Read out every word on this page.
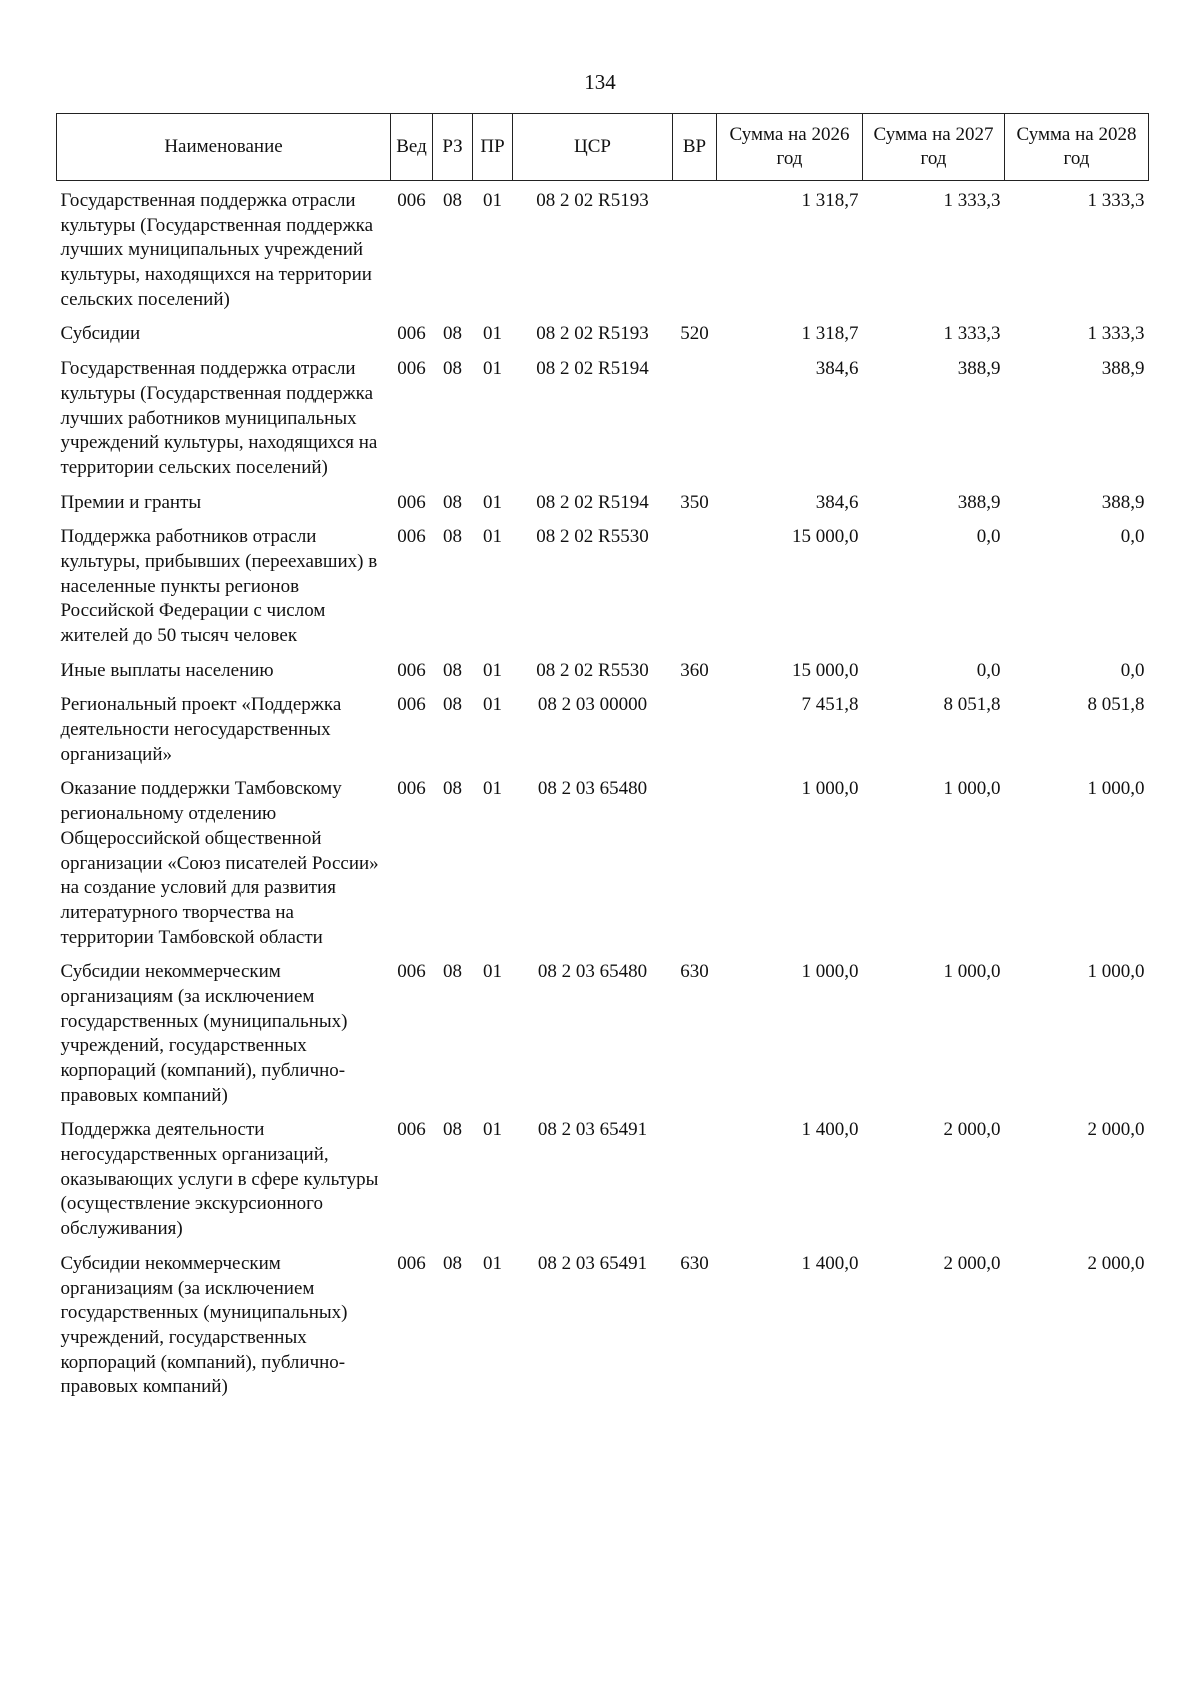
134
Наименование	Вед	РЗ	ПР	ЦСР	ВР	Сумма на 2026 год	Сумма на 2027 год	Сумма на 2028 год
Государственная поддержка отрасли культуры (Государственная поддержка лучших муниципальных учреждений культуры, находящихся на территории сельских поселений)	006	08	01	08 2 02 R5193		1 318,7	1 333,3	1 333,3
Субсидии	006	08	01	08 2 02 R5193	520	1 318,7	1 333,3	1 333,3
Государственная поддержка отрасли культуры (Государственная поддержка лучших работников муниципальных учреждений культуры, находящихся на территории сельских поселений)	006	08	01	08 2 02 R5194		384,6	388,9	388,9
Премии и гранты	006	08	01	08 2 02 R5194	350	384,6	388,9	388,9
Поддержка работников отрасли культуры, прибывших (переехавших) в населенные пункты регионов Российской Федерации с числом жителей до 50 тысяч человек	006	08	01	08 2 02 R5530		15 000,0	0,0	0,0
Иные выплаты населению	006	08	01	08 2 02 R5530	360	15 000,0	0,0	0,0
Региональный проект «Поддержка деятельности негосударственных организаций»	006	08	01	08 2 03 00000		7 451,8	8 051,8	8 051,8
Оказание поддержки Тамбовскому региональному отделению Общероссийской общественной организации «Союз писателей России» на создание условий для развития литературного творчества на территории Тамбовской области	006	08	01	08 2 03 65480		1 000,0	1 000,0	1 000,0
Субсидии некоммерческим организациям (за исключением государственных (муниципальных) учреждений, государственных корпораций (компаний), публично-правовых компаний)	006	08	01	08 2 03 65480	630	1 000,0	1 000,0	1 000,0
Поддержка деятельности негосударственных организаций, оказывающих услуги в сфере культуры (осуществление экскурсионного обслуживания)	006	08	01	08 2 03 65491		1 400,0	2 000,0	2 000,0
Субсидии некоммерческим организациям (за исключением государственных (муниципальных) учреждений, государственных корпораций (компаний), публично-правовых компаний)	006	08	01	08 2 03 65491	630	1 400,0	2 000,0	2 000,0
